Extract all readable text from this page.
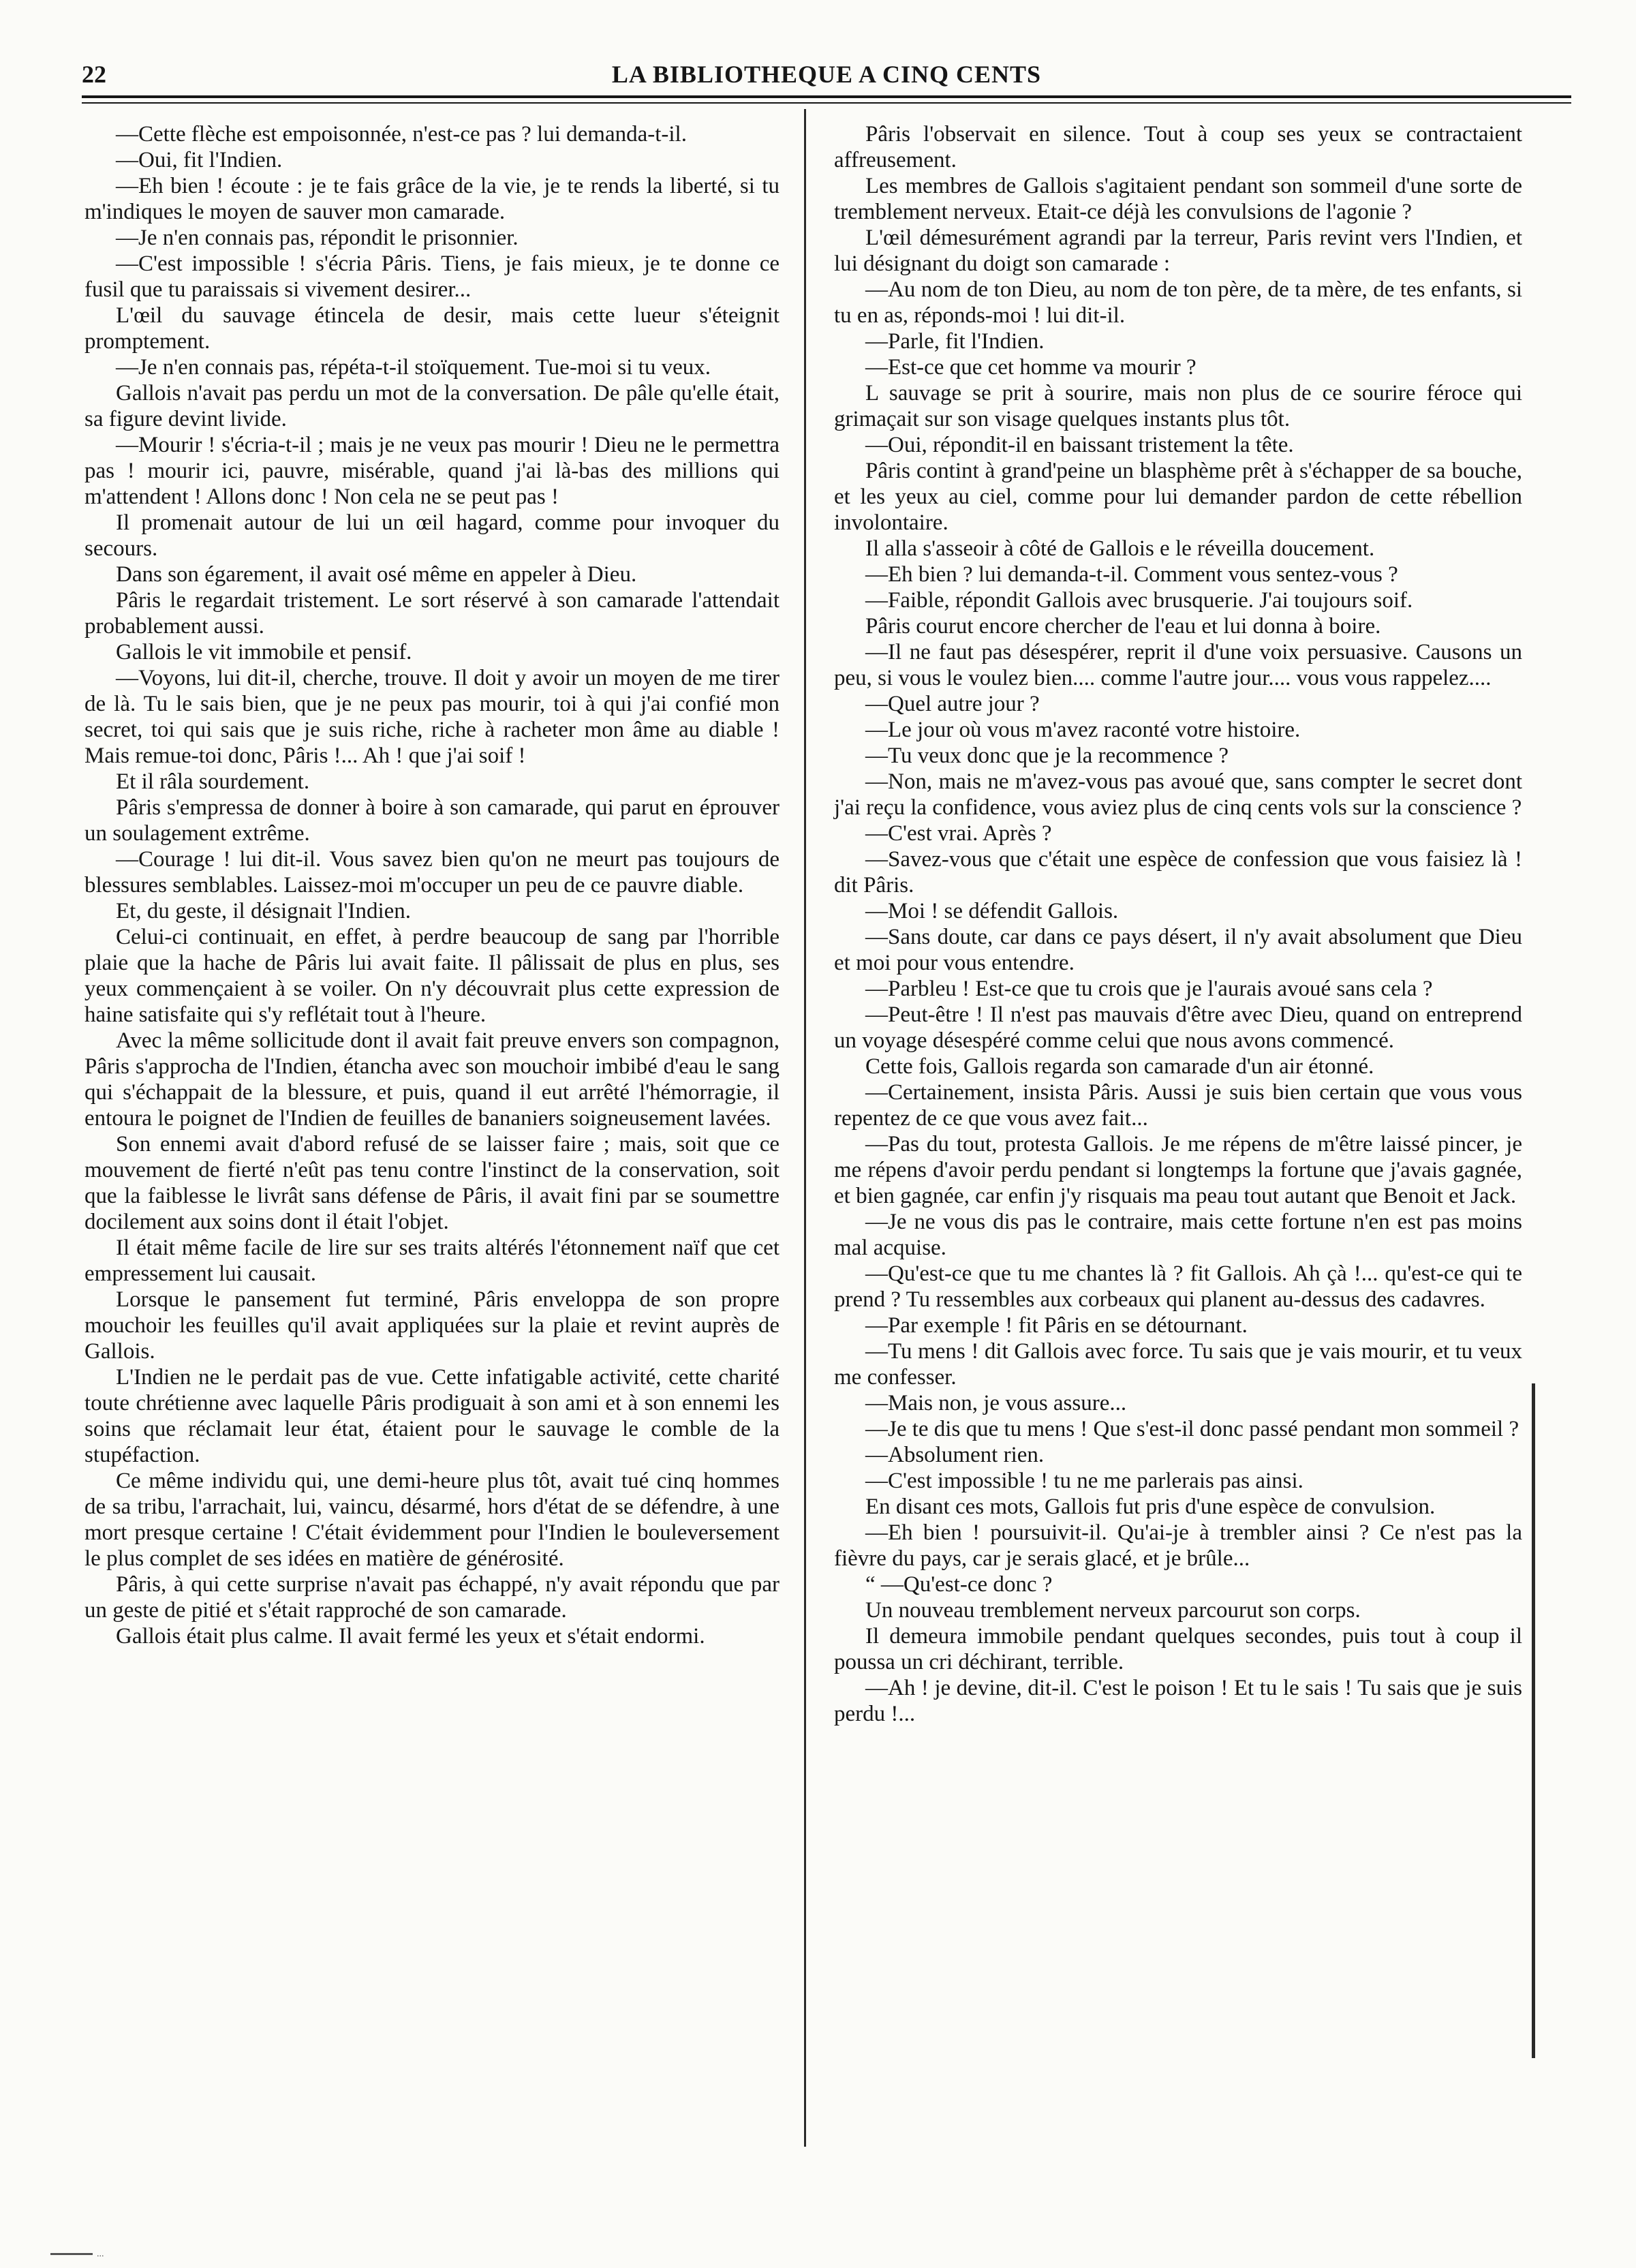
22	LA BIBLIOTHEQUE A CINQ CENTS

—Cette flèche est empoisonnée, n'est-ce pas ? lui demanda-t-il.

—Oui, fit l'Indien.

—Eh bien ! écoute : je te fais grâce de la vie, je te rends la liberté, si tu m'indiques le moyen de sauver mon camarade.

—Je n'en connais pas, répondit le prisonnier.

—C'est impossible ! s'écria Pâris. Tiens, je fais mieux, je te donne ce fusil que tu paraissais si vivement desirer...

L'œil du sauvage étincela de desir, mais cette lueur s'éteignit promptement.

—Je n'en connais pas, répéta-t-il stoïquement. Tue-moi si tu veux.

Gallois n'avait pas perdu un mot de la conversation. De pâle qu'elle était, sa figure devint livide.

—Mourir ! s'écria-t-il ; mais je ne veux pas mourir ! Dieu ne le permettra pas ! mourir ici, pauvre, misérable, quand j'ai là-bas des millions qui m'attendent ! Allons donc ! Non cela ne se peut pas !

Il promenait autour de lui un œil hagard, comme pour invoquer du secours.

Dans son égarement, il avait osé même en appeler à Dieu.

Pâris le regardait tristement. Le sort réservé à son camarade l'attendait probablement aussi.

Gallois le vit immobile et pensif.

—Voyons, lui dit-il, cherche, trouve. Il doit y avoir un moyen de me tirer de là. Tu le sais bien, que je ne peux pas mourir, toi à qui j'ai confié mon secret, toi qui sais que je suis riche, riche à racheter mon âme au diable ! Mais remue-toi donc, Pâris !... Ah ! que j'ai soif !

Et il râla sourdement.

Pâris s'empressa de donner à boire à son camarade, qui parut en éprouver un soulagement extrême.

—Courage ! lui dit-il. Vous savez bien qu'on ne meurt pas toujours de blessures semblables. Laissez-moi m'occuper un peu de ce pauvre diable.

Et, du geste, il désignait l'Indien.

Celui-ci continuait, en effet, à perdre beaucoup de sang par l'horrible plaie que la hache de Pâris lui avait faite. Il pâlissait de plus en plus, ses yeux commençaient à se voiler. On n'y découvrait plus cette expression de haine satisfaite qui s'y reflétait tout à l'heure.

Avec la même sollicitude dont il avait fait preuve envers son compagnon, Pâris s'approcha de l'Indien, étancha avec son mouchoir imbibé d'eau le sang qui s'échappait de la blessure, et puis, quand il eut arrêté l'hémorragie, il entoura le poignet de l'Indien de feuilles de bananiers soigneusement lavées.

Son ennemi avait d'abord refusé de se laisser faire ; mais, soit que ce mouvement de fierté n'eût pas tenu contre l'instinct de la conservation, soit que la faiblesse le livrât sans défense de Pâris, il avait fini par se soumettre docilement aux soins dont il était l'objet.

Il était même facile de lire sur ses traits altérés l'étonnement naïf que cet empressement lui causait.

Lorsque le pansement fut terminé, Pâris enveloppa de son propre mouchoir les feuilles qu'il avait appliquées sur la plaie et revint auprès de Gallois.

L'Indien ne le perdait pas de vue. Cette infatigable activité, cette charité toute chrétienne avec laquelle Pâris prodiguait à son ami et à son ennemi les soins que réclamait leur état, étaient pour le sauvage le comble de la stupéfaction.

Ce même individu qui, une demi-heure plus tôt, avait tué cinq hommes de sa tribu, l'arrachait, lui, vaincu, désarmé, hors d'état de se défendre, à une mort presque certaine ! C'était évidemment pour l'Indien le bouleversement le plus complet de ses idées en matière de générosité.

Pâris, à qui cette surprise n'avait pas échappé, n'y avait répondu que par un geste de pitié et s'était rapproché de son camarade.

Gallois était plus calme. Il avait fermé les yeux et s'était endormi.

Pâris l'observait en silence. Tout à coup ses yeux se contractaient affreusement.

Les membres de Gallois s'agitaient pendant son sommeil d'une sorte de tremblement nerveux. Etait-ce déjà les convulsions de l'agonie ?

L'œil démesurément agrandi par la terreur, Paris revint vers l'Indien, et lui désignant du doigt son camarade :

—Au nom de ton Dieu, au nom de ton père, de ta mère, de tes enfants, si tu en as, réponds-moi ! lui dit-il.

—Parle, fit l'Indien.

—Est-ce que cet homme va mourir ?

L sauvage se prit à sourire, mais non plus de ce sourire féroce qui grimaçait sur son visage quelques instants plus tôt.

—Oui, répondit-il en baissant tristement la tête.

Pâris contint à grand'peine un blasphème prêt à s'échapper de sa bouche, et les yeux au ciel, comme pour lui demander pardon de cette rébellion involontaire.

Il alla s'asseoir à côté de Gallois e le réveilla doucement.

—Eh bien ? lui demanda-t-il. Comment vous sentez-vous ?

—Faible, répondit Gallois avec brusquerie. J'ai toujours soif.

Pâris courut encore chercher de l'eau et lui donna à boire.

—Il ne faut pas désespérer, reprit il d'une voix persuasive. Causons un peu, si vous le voulez bien.... comme l'autre jour.... vous vous rappelez....

—Quel autre jour ?

—Le jour où vous m'avez raconté votre histoire.

—Tu veux donc que je la recommence ?

—Non, mais ne m'avez-vous pas avoué que, sans compter le secret dont j'ai reçu la confidence, vous aviez plus de cinq cents vols sur la conscience ?

—C'est vrai. Après ?

—Savez-vous que c'était une espèce de confession que vous faisiez là ! dit Pâris.

—Moi ! se défendit Gallois.

—Sans doute, car dans ce pays désert, il n'y avait absolument que Dieu et moi pour vous entendre.

—Parbleu ! Est-ce que tu crois que je l'aurais avoué sans cela ?

—Peut-être ! Il n'est pas mauvais d'être avec Dieu, quand on entreprend un voyage désespéré comme celui que nous avons commencé.

Cette fois, Gallois regarda son camarade d'un air étonné.

—Certainement, insista Pâris. Aussi je suis bien certain que vous vous repentez de ce que vous avez fait...

—Pas du tout, protesta Gallois. Je me répens de m'être laissé pincer, je me répens d'avoir perdu pendant si longtemps la fortune que j'avais gagnée, et bien gagnée, car enfin j'y risquais ma peau tout autant que Benoit et Jack.

—Je ne vous dis pas le contraire, mais cette fortune n'en est pas moins mal acquise.

—Qu'est-ce que tu me chantes là ? fit Gallois. Ah çà !... qu'est-ce qui te prend ? Tu ressembles aux corbeaux qui planent au-dessus des cadavres.

—Par exemple ! fit Pâris en se détournant.

—Tu mens ! dit Gallois avec force. Tu sais que je vais mourir, et tu veux me confesser.

—Mais non, je vous assure...

—Je te dis que tu mens ! Que s'est-il donc passé pendant mon sommeil ?

—Absolument rien.

—C'est impossible ! tu ne me parlerais pas ainsi.

En disant ces mots, Gallois fut pris d'une espèce de convulsion.

—Eh bien ! poursuivit-il. Qu'ai-je à trembler ainsi ? Ce n'est pas la fièvre du pays, car je serais glacé, et je brûle...

“ —Qu'est-ce donc ?

Un nouveau tremblement nerveux parcourut son corps.

Il demeura immobile pendant quelques secondes, puis tout à coup il poussa un cri déchirant, terrible.

—Ah ! je devine, dit-il. C'est le poison ! Et tu le sais ! Tu sais que je suis perdu !...

...
